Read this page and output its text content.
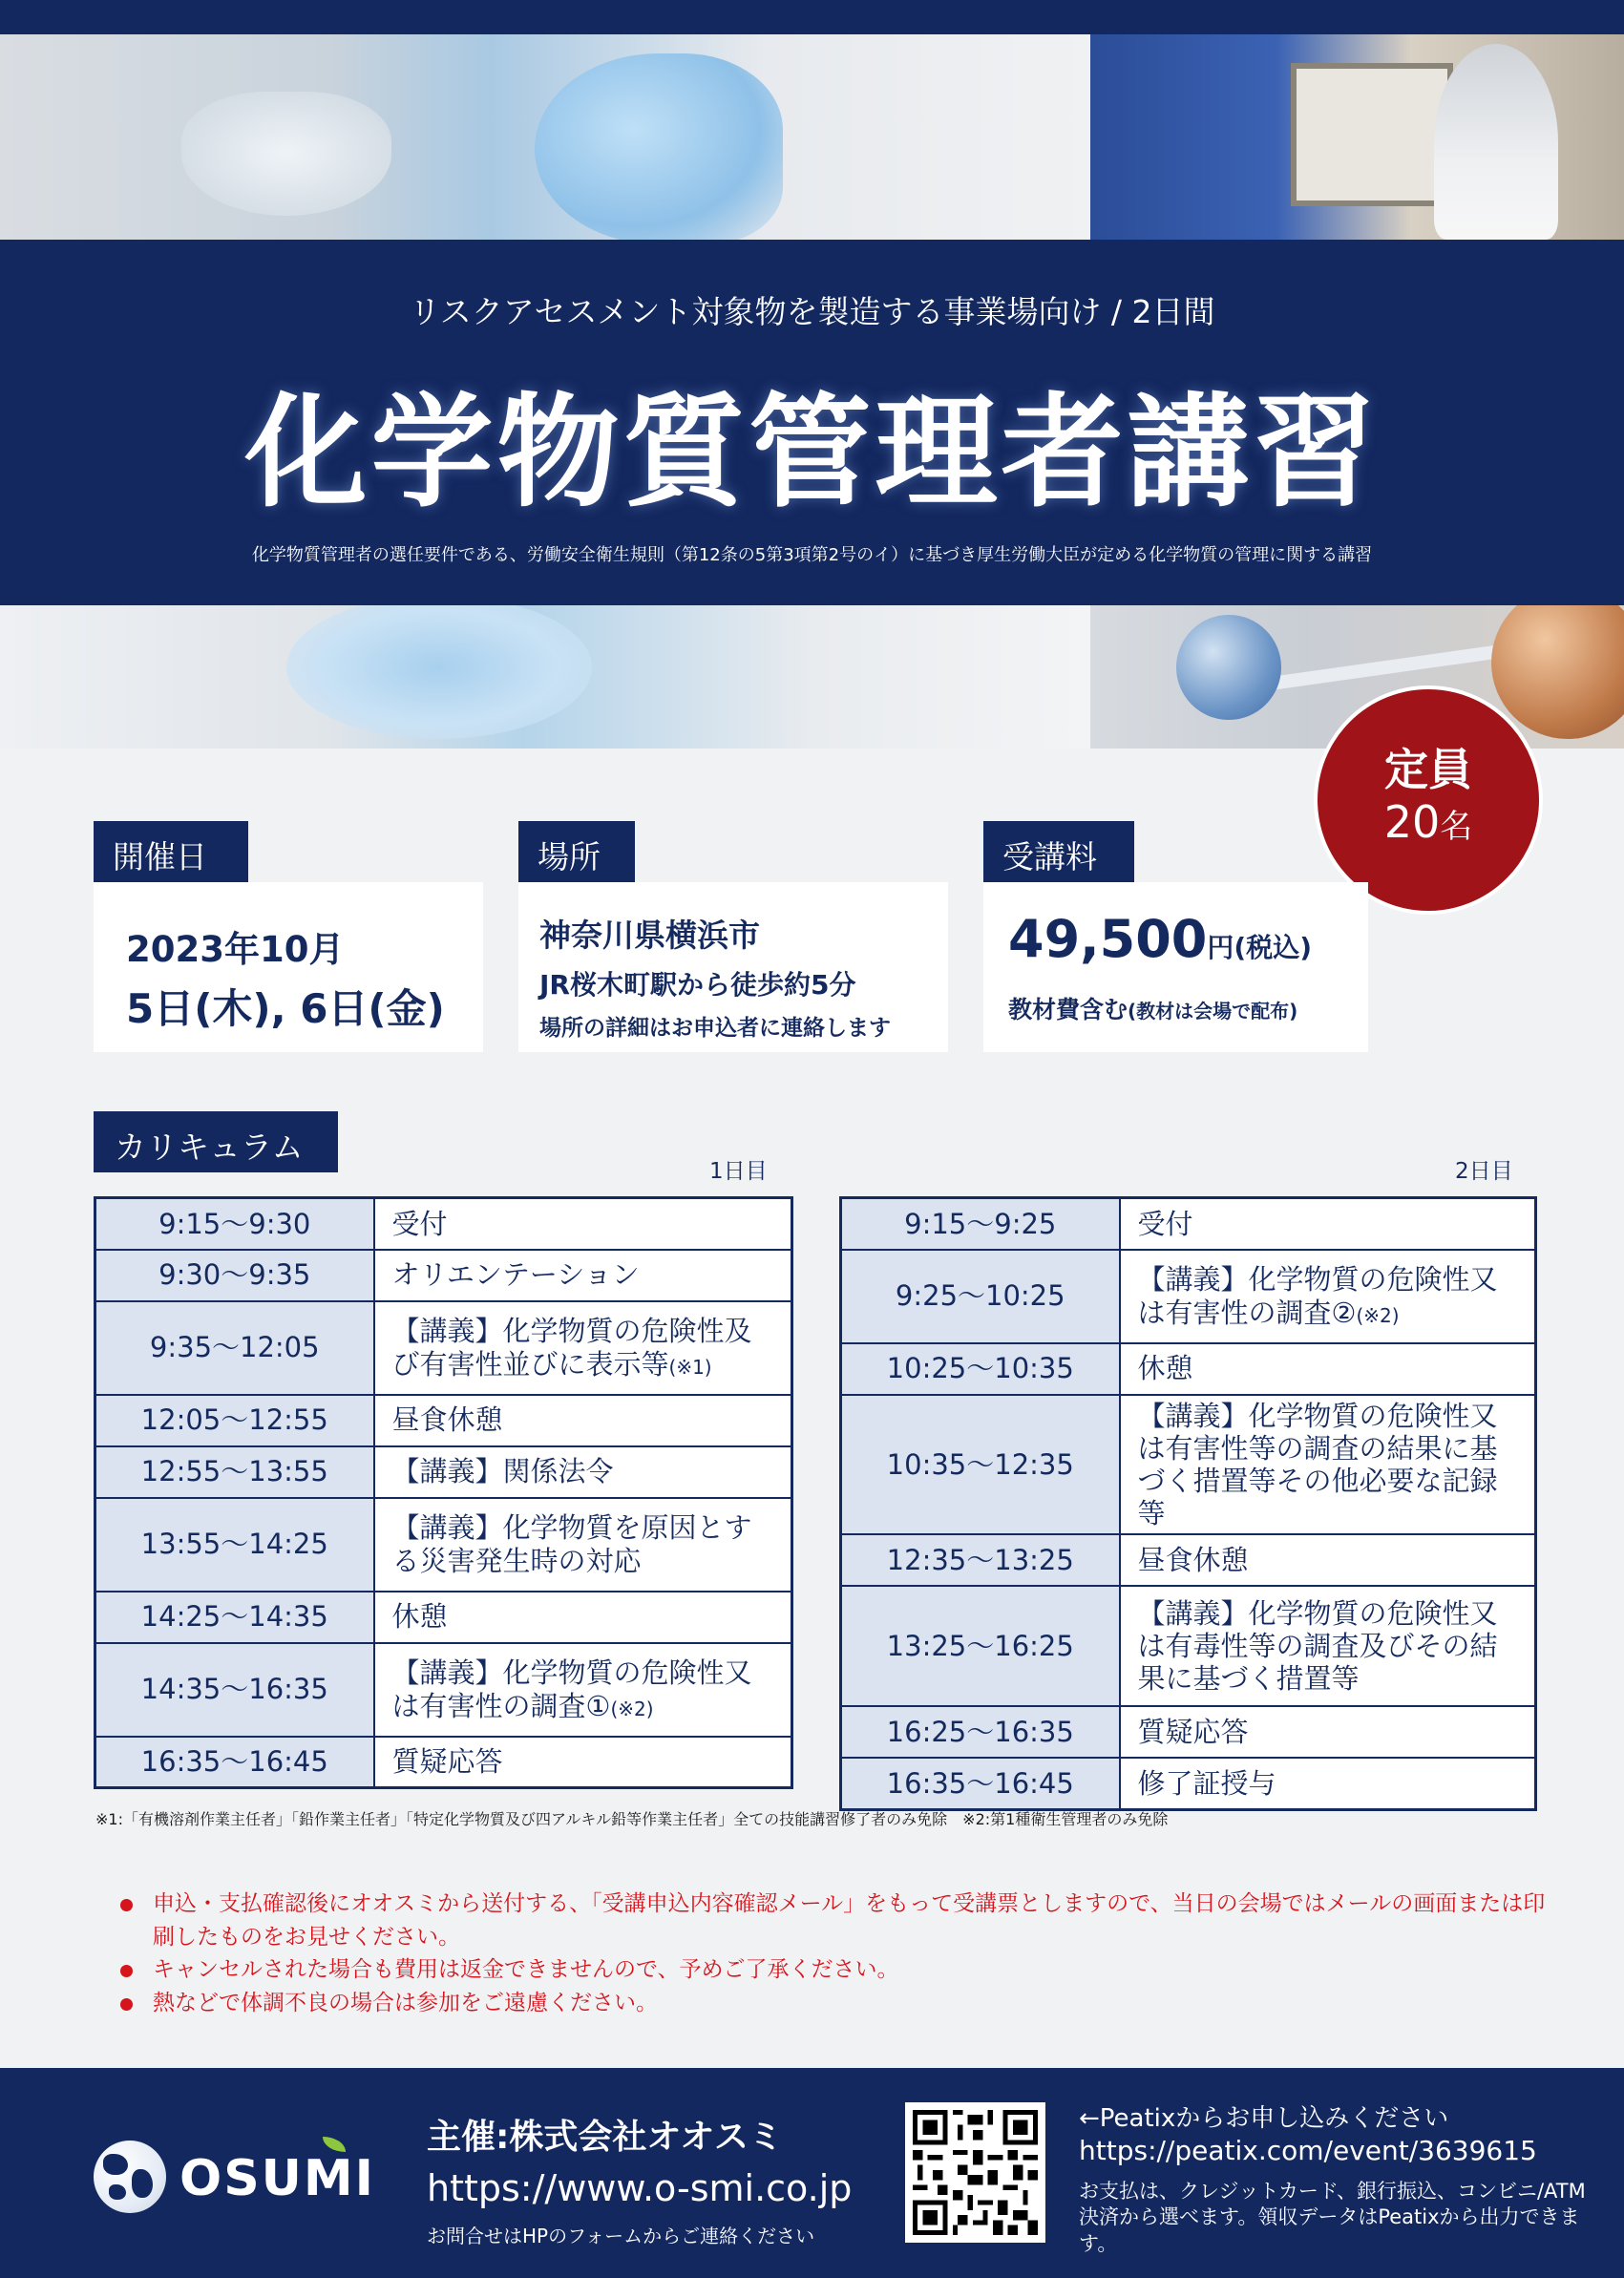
リスクアセスメント対象物を製造する事業場向け / 2日間
化学物質管理者講習
化学物質管理者の選任要件である、労働安全衛生規則（第12条の5第3項第2号のイ）に基づき厚生労働大臣が定める化学物質の管理に関する講習
定員
20名
開催日
2023年10月
5日(木), 6日(金)
場所
神奈川県横浜市
JR桜木町駅から徒歩約5分
場所の詳細はお申込者に連絡します
受講料
49,500円(税込)
教材費含む(教材は会場で配布)
カリキュラム
1日目	2日目
9:15～9:30	受付
9:30～9:35	オリエンテーション
9:35～12:05	【講義】化学物質の危険性及び有害性並びに表示等(※1)
12:05～12:55	昼食休憩
12:55～13:55	【講義】関係法令
13:55～14:25	【講義】化学物質を原因とする災害発生時の対応
14:25～14:35	休憩
14:35～16:35	【講義】化学物質の危険性又は有害性の調査①(※2)
16:35～16:45	質疑応答
9:15～9:25	受付
9:25～10:25	【講義】化学物質の危険性又は有害性の調査②(※2)
10:25～10:35	休憩
10:35～12:35	【講義】化学物質の危険性又は有害性等の調査の結果に基づく措置等その他必要な記録等
12:35～13:25	昼食休憩
13:25～16:25	【講義】化学物質の危険性又は有毒性等の調査及びその結果に基づく措置等
16:25～16:35	質疑応答
16:35～16:45	修了証授与
※1:「有機溶剤作業主任者」「鉛作業主任者」「特定化学物質及び四アルキル鉛等作業主任者」全ての技能講習修了者のみ免除　※2:第1種衛生管理者のみ免除
申込・支払確認後にオオスミから送付する、「受講申込内容確認メール」をもって受講票としますので、当日の会場ではメールの画面または印刷したものをお見せください。
キャンセルされた場合も費用は返金できませんので、予めご了承ください。
熱などで体調不良の場合は参加をご遠慮ください。
OSUMI
主催:株式会社オオスミ
https://www.o-smi.co.jp
お問合せはHPのフォームからご連絡ください
←Peatixからお申し込みください
https://peatix.com/event/3639615
お支払は、クレジットカード、銀行振込、コンビニ/ATM決済から選べます。領収データはPeatixから出力できます。
